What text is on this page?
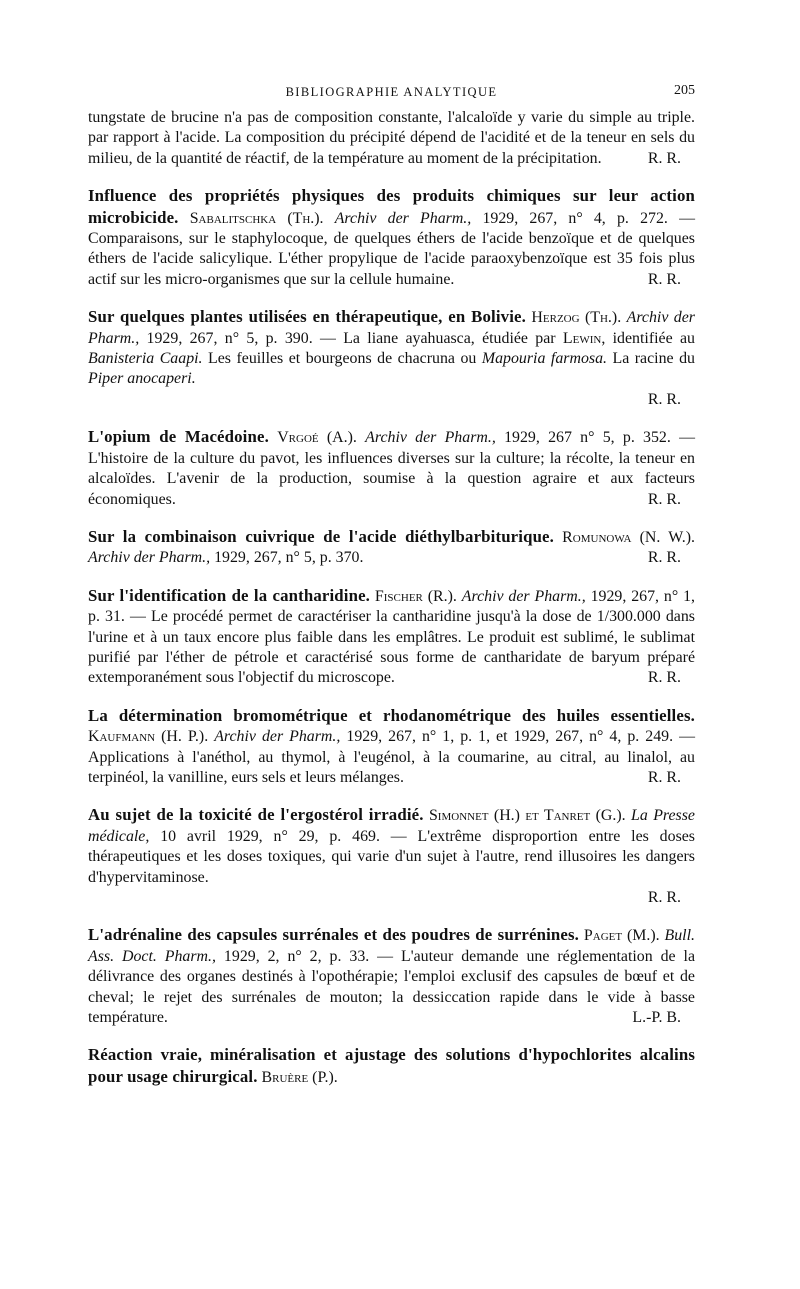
BIBLIOGRAPHIE ANALYTIQUE	205

tungstate de brucine n'a pas de composition constante, l'alcaloïde y varie du simple au triple. par rapport à l'acide. La composition du précipité dépend de l'acidité et de la teneur en sels du milieu, de la quantité de réactif, de la température au moment de la précipitation.	R. R.

Influence des propriétés physiques des produits chimiques sur leur action microbicide. Sabalitschka (Th.). Archiv der Pharm., 1929, 267, n° 4, p. 272. — Comparaisons, sur le staphylocoque, de quelques éthers de l'acide benzoïque et de quelques éthers de l'acide salicylique. L'éther propylique de l'acide paraoxybenzoïque est 35 fois plus actif sur les micro-organismes que sur la cellule humaine.	R. R.

Sur quelques plantes utilisées en thérapeutique, en Bolivie. Herzog (Th.). Archiv der Pharm., 1929, 267, n° 5, p. 390. — La liane ayahuasca, étudiée par Lewin, identifiée au Banisteria Caapi. Les feuilles et bourgeons de chacruna ou Mapouria farmosa. La racine du Piper anocaperi.

R. R.

L'opium de Macédoine. Vrgoé (A.). Archiv der Pharm., 1929, 267 n° 5, p. 352. — L'histoire de la culture du pavot, les influences diverses sur la culture; la récolte, la teneur en alcaloïdes. L'avenir de la production, soumise à la question agraire et aux facteurs économiques.	R. R.

Sur la combinaison cuivrique de l'acide diéthylbarbiturique. Romunowa (N. W.). Archiv der Pharm., 1929, 267, n° 5, p. 370.	R. R.

Sur l'identification de la cantharidine. Fischer (R.). Archiv der Pharm., 1929, 267, n° 1, p. 31. — Le procédé permet de caractériser la cantharidine jusqu'à la dose de 1/300.000 dans l'urine et à un taux encore plus faible dans les emplâtres. Le produit est sublimé, le sublimat purifié par l'éther de pétrole et caractérisé sous forme de cantharidate de baryum préparé extemporanément sous l'objectif du microscope.	R. R.

La détermination bromométrique et rhodanométrique des huiles essentielles. Kaufmann (H. P.). Archiv der Pharm., 1929, 267, n° 1, p. 1, et 1929, 267, n° 4, p. 249. — Applications à l'anéthol, au thymol, à l'eugénol, à la coumarine, au citral, au linalol, au terpinéol, la vanilline, eurs sels et leurs mélanges.	R. R.

Au sujet de la toxicité de l'ergostérol irradié. Simonnet (H.) et Tanret (G.). La Presse médicale, 10 avril 1929, n° 29, p. 469. — L'extrême disproportion entre les doses thérapeutiques et les doses toxiques, qui varie d'un sujet à l'autre, rend illusoires les dangers d'hypervitaminose.

R. R.

L'adrénaline des capsules surrénales et des poudres de surrénines. Paget (M.). Bull. Ass. Doct. Pharm., 1929, 2, n° 2, p. 33. — L'auteur demande une réglementation de la délivrance des organes destinés à l'opothérapie; l'emploi exclusif des capsules de bœuf et de cheval; le rejet des surrénales de mouton; la dessiccation rapide dans le vide à basse température.	L.-P. B.

Réaction vraie, minéralisation et ajustage des solutions d'hypochlorites alcalins pour usage chirurgical. Bruère (P.).
